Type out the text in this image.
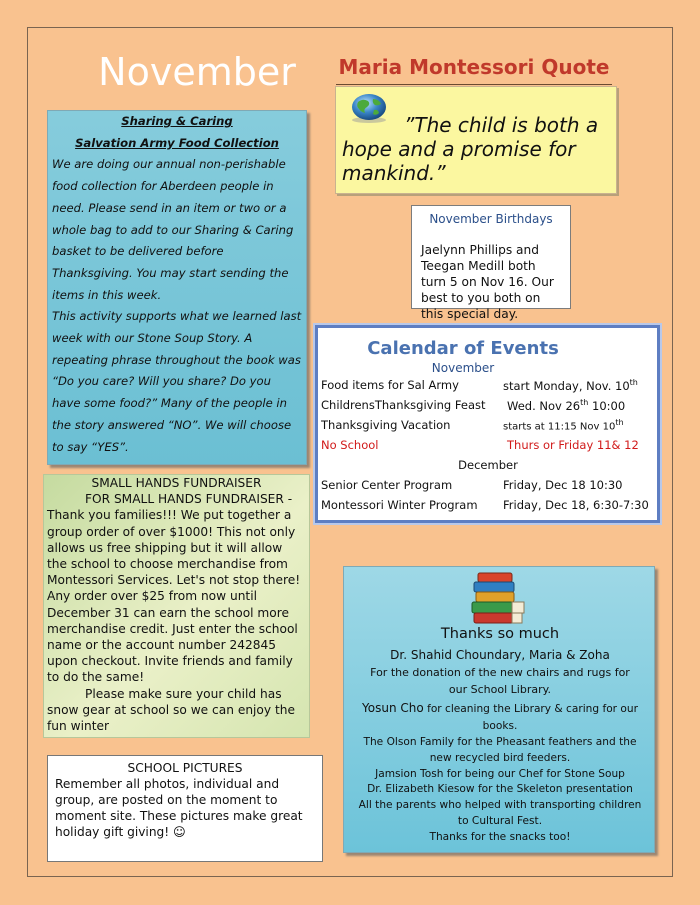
November	Maria Montessori Quote
”The child is both a hope and a promise for mankind.”
Sharing & Caring
Salvation Army Food Collection
We are doing our annual non-perishable food collection for Aberdeen people in need. Please send in an item or two or a whole bag to add to our Sharing & Caring basket to be delivered before Thanksgiving. You may start sending the items in this week.
This activity supports what we learned last week with our Stone Soup Story. A repeating phrase throughout the book was “Do you care? Will you share? Do you have some food?” Many of the people in the story answered “NO”. We will choose to say “YES”.
November Birthdays
Jaelynn Phillips and Teegan Medill both turn 5 on Nov 16. Our best to you both on this special day.
Calendar of Events
November
Food items for Sal Army	start Monday, Nov. 10th
ChildrensThanksgiving Feast Wed. Nov 26th 10:00
Thanksgiving Vacation	starts at 11:15 Nov 10th
No School	Thurs or Friday 11& 12
December
Senior Center Program	Friday, Dec 18 10:30
Montessori Winter Program Friday, Dec 18, 6:30-7:30
SMALL HANDS FUNDRAISER
FOR SMALL HANDS FUNDRAISER -
Thank you families!!! We put together a group order of over $1000! This not only allows us free shipping but it will allow the school to choose merchandise from Montessori Services. Let's not stop there! Any order over $25 from now until December 31 can earn the school more merchandise credit. Just enter the school name or the account number 242845 upon checkout. Invite friends and family to do the same!
Please make sure your child has snow gear at school so we can enjoy the fun winter
SCHOOL PICTURES
Remember all photos, individual and group, are posted on the moment to moment site. These pictures make great holiday gift giving! ☺
Thanks so much
Dr. Shahid Choundary, Maria & Zoha
For the donation of the new chairs and rugs for our School Library.
Yosun Cho for cleaning the Library & caring for our books.
The Olson Family for the Pheasant feathers and the new recycled bird feeders.
Jamsion Tosh for being our Chef for Stone Soup
Dr. Elizabeth Kiesow for the Skeleton presentation
All the parents who helped with transporting children to Cultural Fest.
Thanks for the snacks too!
